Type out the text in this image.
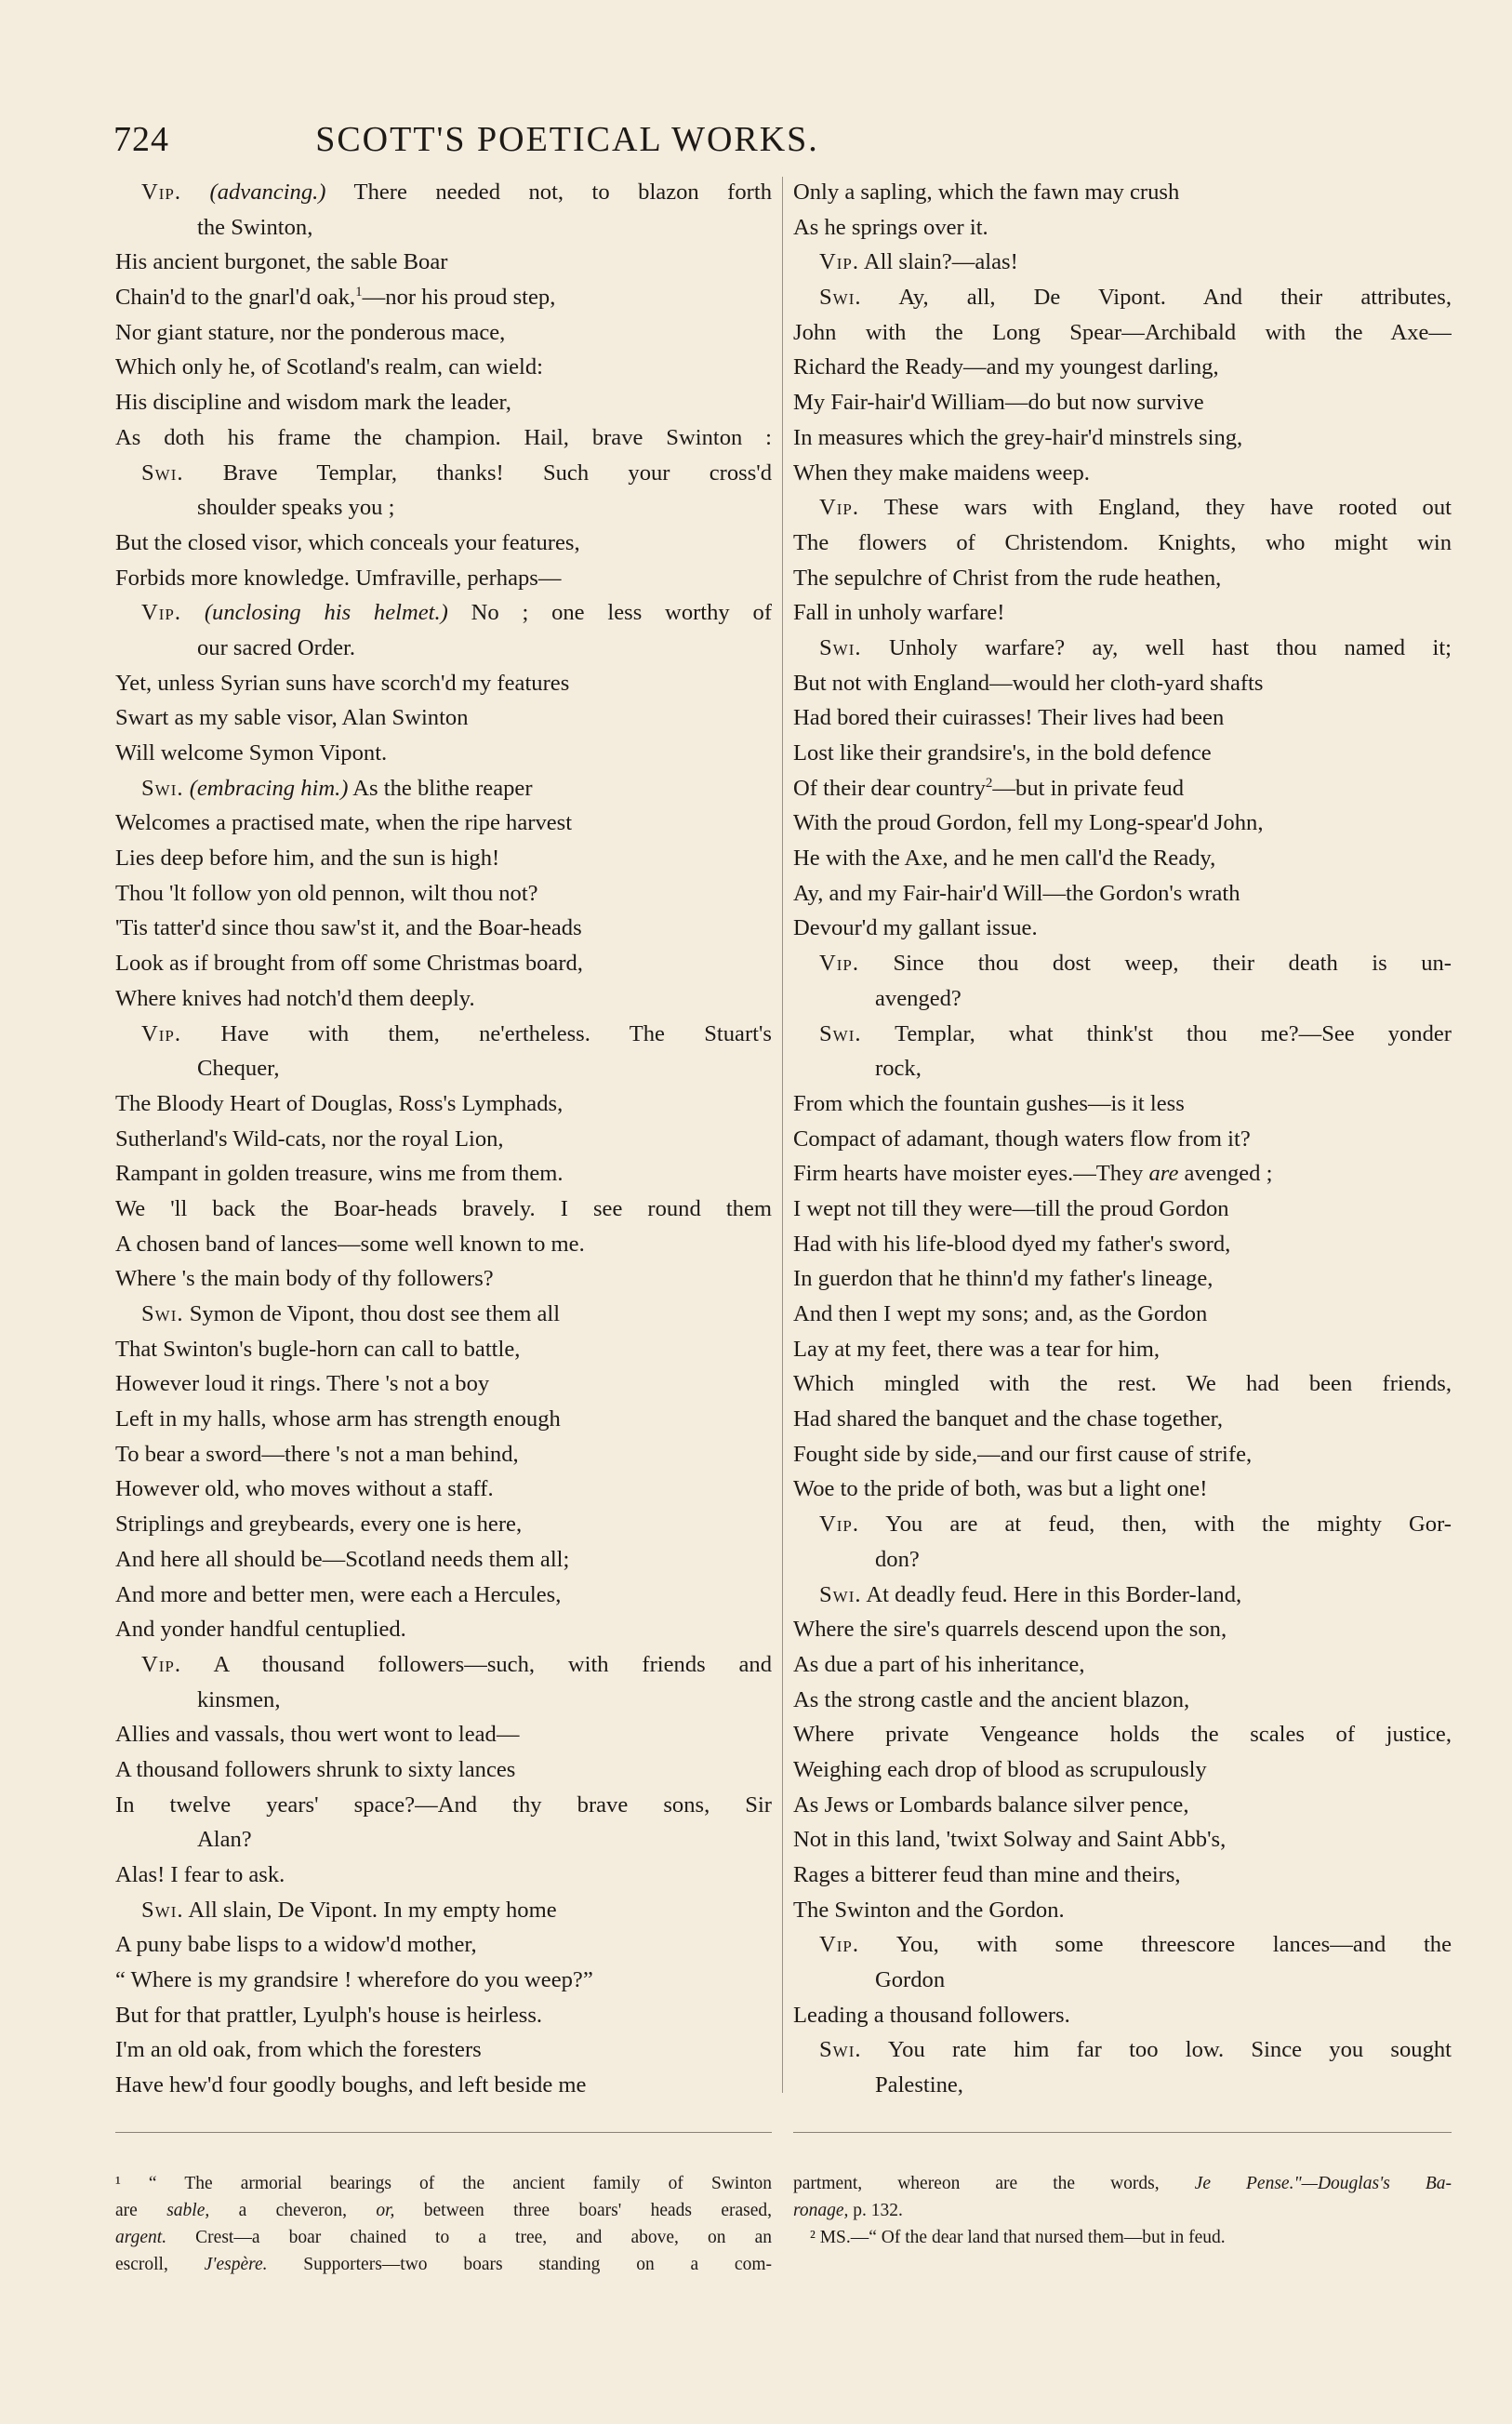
724	SCOTT'S POETICAL WORKS.
Vip. (advancing.) There needed not, to blazon forth
the Swinton,
His ancient burgonet, the sable Boar
Chain'd to the gnarl'd oak,$^1$—nor his proud step,
Nor giant stature, nor the ponderous mace,
Which only he, of Scotland's realm, can wield:
His discipline and wisdom mark the leader,
As doth his frame the champion. Hail, brave Swinton :
Swi. Brave Templar, thanks! Such your cross'd
shoulder speaks you ;
But the closed visor, which conceals your features,
Forbids more knowledge. Umfraville, perhaps—
Vip. (unclosing his helmet.) No ; one less worthy of
our sacred Order.
Yet, unless Syrian suns have scorch'd my features
Swart as my sable visor, Alan Swinton
Will welcome Symon Vipont.
Swi. (embracing him.) As the blithe reaper
Welcomes a practised mate, when the ripe harvest
Lies deep before him, and the sun is high!
Thou 'lt follow yon old pennon, wilt thou not?
'Tis tatter'd since thou saw'st it, and the Boar-heads
Look as if brought from off some Christmas board,
Where knives had notch'd them deeply.
Vip. Have with them, ne'ertheless. The Stuart's
Chequer,
The Bloody Heart of Douglas, Ross's Lymphads,
Sutherland's Wild-cats, nor the royal Lion,
Rampant in golden treasure, wins me from them.
We 'll back the Boar-heads bravely. I see round them
A chosen band of lances—some well known to me.
Where 's the main body of thy followers?
Swi. Symon de Vipont, thou dost see them all
That Swinton's bugle-horn can call to battle,
However loud it rings. There 's not a boy
Left in my halls, whose arm has strength enough
To bear a sword—there 's not a man behind,
However old, who moves without a staff.
Striplings and greybeards, every one is here,
And here all should be—Scotland needs them all;
And more and better men, were each a Hercules,
And yonder handful centuplied.
Vip. A thousand followers—such, with friends and
kinsmen,
Allies and vassals, thou wert wont to lead—
A thousand followers shrunk to sixty lances
In twelve years' space?—And thy brave sons, Sir
Alan?
Alas! I fear to ask.
Swi. All slain, De Vipont. In my empty home
A puny babe lisps to a widow'd mother,
“ Where is my grandsire ! wherefore do you weep?”
But for that prattler, Lyulph's house is heirless.
I'm an old oak, from which the foresters
Have hew'd four goodly boughs, and left beside me
Only a sapling, which the fawn may crush
As he springs over it.
Vip. All slain?—alas!
Swi. Ay, all, De Vipont. And their attributes,
John with the Long Spear—Archibald with the Axe—
Richard the Ready—and my youngest darling,
My Fair-hair'd William—do but now survive
In measures which the grey-hair'd minstrels sing,
When they make maidens weep.
Vip. These wars with England, they have rooted out
The flowers of Christendom. Knights, who might win
The sepulchre of Christ from the rude heathen,
Fall in unholy warfare!
Swi. Unholy warfare? ay, well hast thou named it;
But not with England—would her cloth-yard shafts
Had bored their cuirasses! Their lives had been
Lost like their grandsire's, in the bold defence
Of their dear country$^2$—but in private feud
With the proud Gordon, fell my Long-spear'd John,
He with the Axe, and he men call'd the Ready,
Ay, and my Fair-hair'd Will—the Gordon's wrath
Devour'd my gallant issue.
Vip. Since thou dost weep, their death is un-
avenged?
Swi. Templar, what think'st thou me?—See yonder
rock,
From which the fountain gushes—is it less
Compact of adamant, though waters flow from it?
Firm hearts have moister eyes.—They are avenged ;
I wept not till they were—till the proud Gordon
Had with his life-blood dyed my father's sword,
In guerdon that he thinn'd my father's lineage,
And then I wept my sons; and, as the Gordon
Lay at my feet, there was a tear for him,
Which mingled with the rest. We had been friends,
Had shared the banquet and the chase together,
Fought side by side,—and our first cause of strife,
Woe to the pride of both, was but a light one!
Vip. You are at feud, then, with the mighty Gor-
don?
Swi. At deadly feud. Here in this Border-land,
Where the sire's quarrels descend upon the son,
As due a part of his inheritance,
As the strong castle and the ancient blazon,
Where private Vengeance holds the scales of justice,
Weighing each drop of blood as scrupulously
As Jews or Lombards balance silver pence,
Not in this land, 'twixt Solway and Saint Abb's,
Rages a bitterer feud than mine and theirs,
The Swinton and the Gordon.
Vip. You, with some threescore lances—and the
Gordon
Leading a thousand followers.
Swi. You rate him far too low. Since you sought
Palestine,
¹ “ The armorial bearings of the ancient family of Swinton
are sable, a cheveron, or, between three boars' heads erased,
argent. Crest—a boar chained to a tree, and above, on an
escroll, J'espère. Supporters—two boars standing on a com-
partment, whereon are the words, Je Pense."—Douglas's Ba-
ronage, p. 132.
² MS.—“ Of the dear land that nursed them—but in feud.
